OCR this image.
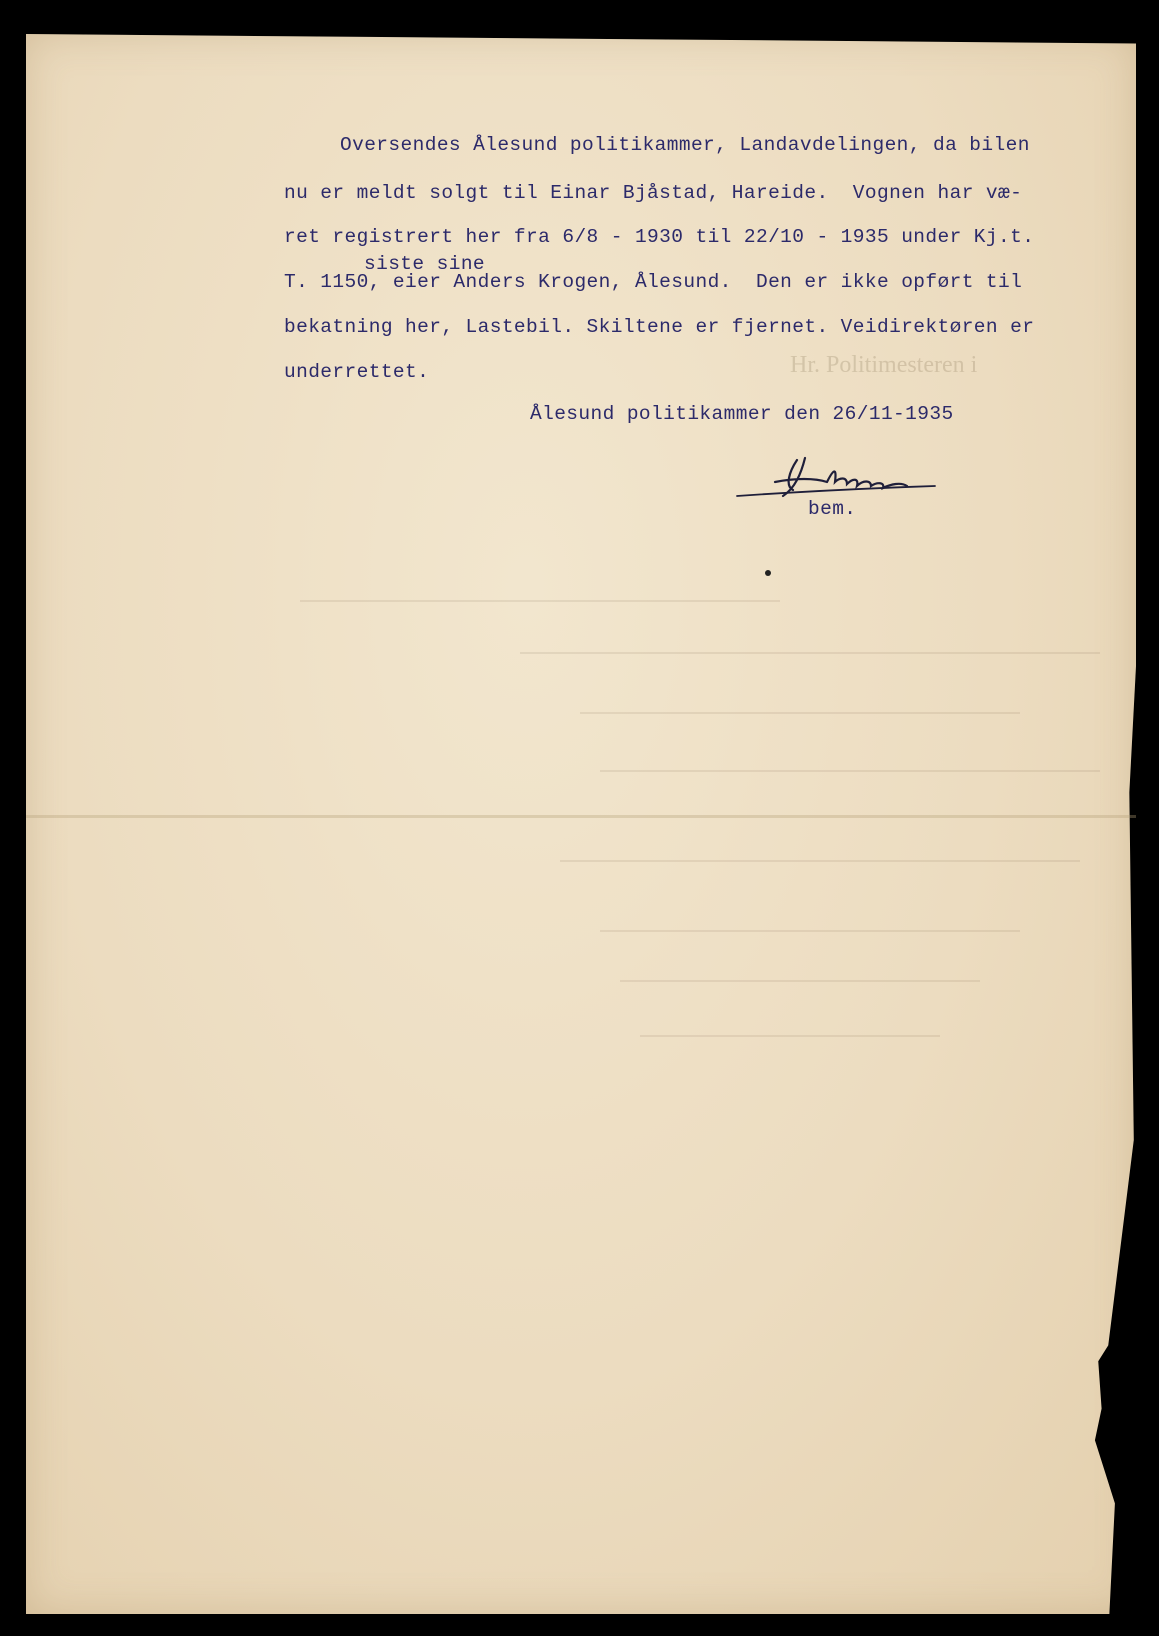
Hr. Politimesteren i

Oversendes Ålesund politikammer, Landavdelingen, da bilen

nu er meldt solgt til Einar Bjåstad, Hareide.  Vognen har væ-

ret registrert her fra 6/8 - 1930 til 22/10 - 1935 under Kj.t.

siste sine

T. 1150, eier Anders Krogen, Ålesund.  Den er ikke opført til

bekatning her, Lastebil. Skiltene er fjernet. Veidirektøren er

underrettet.

Ålesund politikammer den 26/11-1935

bem.
